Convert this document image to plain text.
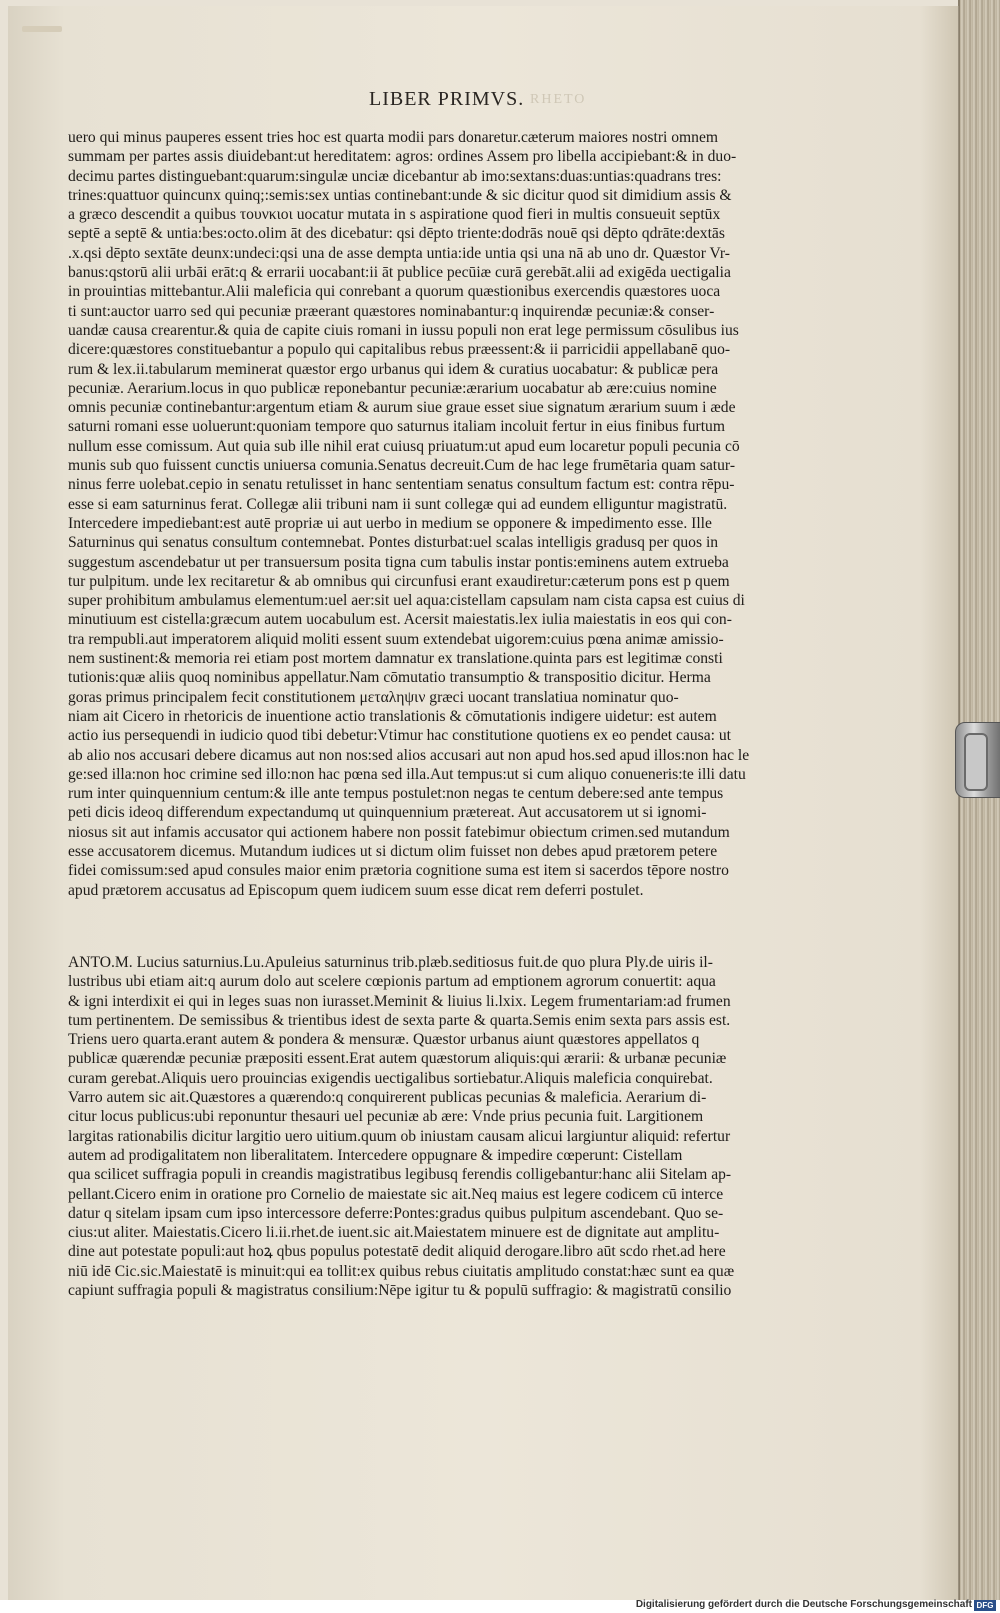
RHETO
LIBER PRIMVS.
uero qui minus pauperes essent tries hoc est quarta modii pars donaretur.cæterum maiores nostri omnem
summam per partes assis diuidebant:ut hereditatem: agros: ordines Assem pro libella accipiebant:& in duo-
decimu partes distinguebant:quarum:singulæ unciæ dicebantur ab imo:sextans:duas:untias:quadrans tres:
trines:quattuor quincunx quinq;:semis:sex untias continebant:unde & sic dicitur quod sit dimidium assis &
a græco descendit a quibus τουνκιοι uocatur mutata in s aspiratione quod fieri in multis consueuit septūx
septē a septē & untia:bes:octo.olim āt des dicebatur: qsi dēpto triente:dodrās nouē qsi dēpto qdrāte:dextās
.x.qsi dēpto sextāte deunx:undeci:qsi una de asse dempta untia:ide untia qsi una nā ab uno dr. Quæstor Vr-
banus:qstorū alii urbāi erāt:q & errarii uocabant:ii āt publice pecūiæ curā gerebāt.alii ad exigēda uectigalia
in prouintias mittebantur.Alii maleficia qui conrebant a quorum quæstionibus exercendis quæstores uoca
ti sunt:auctor uarro sed qui pecuniæ præerant quæstores nominabantur:q inquirendæ pecuniæ:& conser-
uandæ causa crearentur.& quia de capite ciuis romani in iussu populi non erat lege permissum cōsulibus ius
dicere:quæstores constituebantur a populo qui capitalibus rebus præessent:& ii parricidii appellabanē quo-
rum & lex.ii.tabularum meminerat quæstor ergo urbanus qui idem & curatius uocabatur: & publicæ pera
pecuniæ. Aerarium.locus in quo publicæ reponebantur pecuniæ:ærarium uocabatur ab ære:cuius nomine
omnis pecuniæ continebantur:argentum etiam & aurum siue graue esset siue signatum ærarium suum i æde
saturni romani esse uoluerunt:quoniam tempore quo saturnus italiam incoluit fertur in eius finibus furtum
nullum esse comissum. Aut quia sub ille nihil erat cuiusq priuatum:ut apud eum locaretur populi pecunia cō
munis sub quo fuissent cunctis uniuersa comunia.Senatus decreuit.Cum de hac lege frumētaria quam satur-
ninus ferre uolebat.cepio in senatu retulisset in hanc sententiam senatus consultum factum est: contra rēpu-
esse si eam saturninus ferat. Collegæ alii tribuni nam ii sunt collegæ qui ad eundem elliguntur magistratū.
Intercedere impediebant:est autē propriæ ui aut uerbo in medium se opponere & impedimento esse. Ille
Saturninus qui senatus consultum contemnebat. Pontes disturbat:uel scalas intelligis gradusq per quos in
suggestum ascendebatur ut per transuersum posita tigna cum tabulis instar pontis:eminens autem extrueba
tur pulpitum. unde lex recitaretur & ab omnibus qui circunfusi erant exaudiretur:cæterum pons est p quem
super prohibitum ambulamus elementum:uel aer:sit uel aqua:cistellam capsulam nam cista capsa est cuius di
minutiuum est cistella:græcum autem uocabulum est. Acersit maiestatis.lex iulia maiestatis in eos qui con-
tra rempubli.aut imperatorem aliquid moliti essent suum extendebat uigorem:cuius pœna animæ amissio-
nem sustinent:& memoria rei etiam post mortem damnatur ex translatione.quinta pars est legitimæ consti
tutionis:quæ aliis quoq nominibus appellatur.Nam cōmutatio transumptio & transpositio dicitur. Herma
goras primus principalem fecit constitutionem μεταληψιν græci uocant translatiua nominatur quo-
niam ait Cicero in rhetoricis de inuentione actio translationis & cōmutationis indigere uidetur: est autem
actio ius persequendi in iudicio quod tibi debetur:Vtimur hac constitutione quotiens ex eo pendet causa: ut
ab alio nos accusari debere dicamus aut non nos:sed alios accusari aut non apud hos.sed apud illos:non hac le
ge:sed illa:non hoc crimine sed illo:non hac pœna sed illa.Aut tempus:ut si cum aliquo conueneris:te illi datu
rum inter quinquennium centum:& ille ante tempus postulet:non negas te centum debere:sed ante tempus
peti dicis ideoq differendum expectandumq ut quinquennium prætereat. Aut accusatorem ut si ignomi-
niosus sit aut infamis accusator qui actionem habere non possit fatebimur obiectum crimen.sed mutandum
esse accusatorem dicemus. Mutandum iudices ut si dictum olim fuisset non debes apud prætorem petere
fidei comissum:sed apud consules maior enim prætoria cognitione suma est item si sacerdos tēpore nostro
apud prætorem accusatus ad Episcopum quem iudicem suum esse dicat rem deferri postulet.
ANTO.M. Lucius saturnius.Lu.Apuleius saturninus trib.plæb.seditiosus fuit.de quo plura Ply.de uiris il-
lustribus ubi etiam ait:q aurum dolo aut scelere cœpionis partum ad emptionem agrorum conuertit: aqua
& igni interdixit ei qui in leges suas non iurasset.Meminit & liuius li.lxix. Legem frumentariam:ad frumen
tum pertinentem. De semissibus & trientibus idest de sexta parte & quarta.Semis enim sexta pars assis est.
Triens uero quarta.erant autem & pondera & mensuræ. Quæstor urbanus aiunt quæstores appellatos q
publicæ quærendæ pecuniæ præpositi essent.Erat autem quæstorum aliquis:qui ærarii: & urbanæ pecuniæ
curam gerebat.Aliquis uero prouincias exigendis uectigalibus sortiebatur.Aliquis maleficia conquirebat.
Varro autem sic ait.Quæstores a quærendo:q conquirerent publicas pecunias & maleficia. Aerarium di-
citur locus publicus:ubi reponuntur thesauri uel pecuniæ ab ære: Vnde prius pecunia fuit. Largitionem
largitas rationabilis dicitur largitio uero uitium.quum ob iniustam causam alicui largiuntur aliquid: refertur
autem ad prodigalitatem non liberalitatem. Intercedere oppugnare & impedire cœperunt: Cistellam
qua scilicet suffragia populi in creandis magistratibus legibusq ferendis colligebantur:hanc alii Sitelam ap-
pellant.Cicero enim in oratione pro Cornelio de maiestate sic ait.Neq maius est legere codicem cū interce
datur q sitelam ipsam cum ipso intercessore deferre:Pontes:gradus quibus pulpitum ascendebant. Quo se-
cius:ut aliter. Maiestatis.Cicero li.ii.rhet.de iuent.sic ait.Maiestatem minuere est de dignitate aut amplitu-
dine aut potestate populi:aut hoꝝ qbus populus potestatē dedit aliquid derogare.libro aūt scdo rhet.ad here
niū idē Cic.sic.Maiestatē is minuit:qui ea tollit:ex quibus rebus ciuitatis amplitudo constat:hæc sunt ea quæ
capiunt suffragia populi & magistratus consilium:Nēpe igitur tu & populū suffragio: & magistratū consilio
Digitalisierung gefördert durch die Deutsche Forschungsgemeinschaft DFG
